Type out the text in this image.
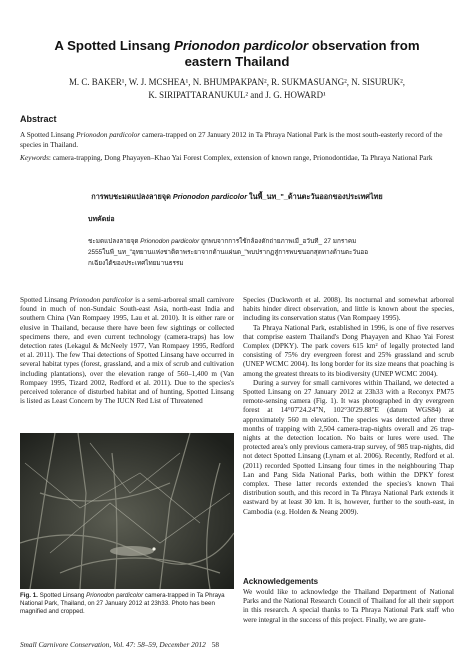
A Spotted Linsang Prionodon pardicolor observation from
eastern Thailand
M. C. BAKER¹, W. J. MCSHEA¹, N. BHUMPAKPAN², R. SUKMASUANG², N. SISURUK²,
K. SIRIPATTARANUKUL² and J. G. HOWARD¹
Abstract
A Spotted Linsang Prionodon pardicolor camera-trapped on 27 January 2012 in Ta Phraya National Park is the most south-easterly record of the species in Thailand.
Keywords: camera-trapping, Dong Phayayen–Khao Yai Forest Complex, extension of known range, Prionodontidae, Ta Phraya National Park
การพบชะมดแปลงลายจุด Prionodon pardicolor ในพื้_นท_"_ด้านตะวันออกของประเทศไทย
บทคัดย่อ
ชะมดแปลงลายจุด Prionodon pardicolor ถูกพบจากการใช้กล้องดักถ่ายภาพเมื_อวันที_ 27 มกราคม
2555ในพื_นท_"อุทยานแห่งชาติตาพระยาจากด้านแผ่นด_"พบปรากฏสู่การพบชนอกสุดทางด้านตะวันออ
กเฉียงใต้ของประเทศไทยมานธรรม

Spotted Linsang Prionodon pardicolor is a semi-arboreal small carnivore found in much of non-Sundaic South-east Asia, north-east India and southern China (Van Rompaey 1995, Lau et al. 2010). It is either rare or elusive in Thailand, because there have been few sightings or collected specimens there, and even current technology (camera-traps) has low detection rates (Lekagul & McNeely 1977, Van Rompaey 1995, Redford et al. 2011). The few Thai detections of Spotted Linsang have occurred in several habitat types (forest, grassland, and a mix of scrub and cultivation including plantations), over the elevation range of 560–1,400 m (Van Rompaey 1995, Tizard 2002, Redford et al. 2011). Due to the species's perceived tolerance of disturbed habitat and of hunting, Spotted Linsang is listed as Least Concern by The IUCN Red List of Threatened

Fig. 1. Spotted Linsang Prionodon pardicolor camera-trapped in Ta Phraya National Park, Thailand, on 27 January 2012 at 23h33. Photo has been magnified and cropped.

Species (Duckworth et al. 2008). Its nocturnal and somewhat arboreal habits hinder direct observation, and little is known about the species, including its conservation status (Van Rompaey 1995).

Ta Phraya National Park, established in 1996, is one of five reserves that comprise eastern Thailand's Dong Phayayen and Khao Yai Forest Complex (DPKY). The park covers 615 km² of legally protected land consisting of 75% dry evergreen forest and 25% grassland and scrub (UNEP WCMC 2004). Its long border for its size means that poaching is among the greatest threats to its biodiversity (UNEP WCMC 2004).

During a survey for small carnivores within Thailand, we detected a Spotted Linsang on 27 January 2012 at 23h33 with a Reconyx PM75 remote-sensing camera (Fig. 1). It was photographed in dry evergreen forest at 14°07'24.24"N, 102°30'29.88"E (datum WGS84) at approximately 560 m elevation. The species was detected after three months of trapping with 2,504 camera-trap-nights overall and 26 trap-nights at the detection location. No baits or lures were used. The protected area's only previous camera-trap survey, of 985 trap-nights, did not detect Spotted Linsang (Lynam et al. 2006). Recently, Redford et al. (2011) recorded Spotted Linsang four times in the neighbouring Thap Lan and Pang Sida National Parks, both within the DPKY forest complex. These latter records extended the species's known Thai distribution south, and this record in Ta Phraya National Park extends it eastward by at least 30 km. It is, however, further to the south-east, in Cambodia (e.g. Holden & Neang 2009).

Acknowledgements
We would like to acknowledge the Thailand Department of National Parks and the National Research Council of Thailand for all their support in this research. A special thanks to Ta Phraya National Park staff who were integral in the success of this project. Finally, we are grate-
Small Carnivore Conservation, Vol. 47: 58–59, December 2012 58
